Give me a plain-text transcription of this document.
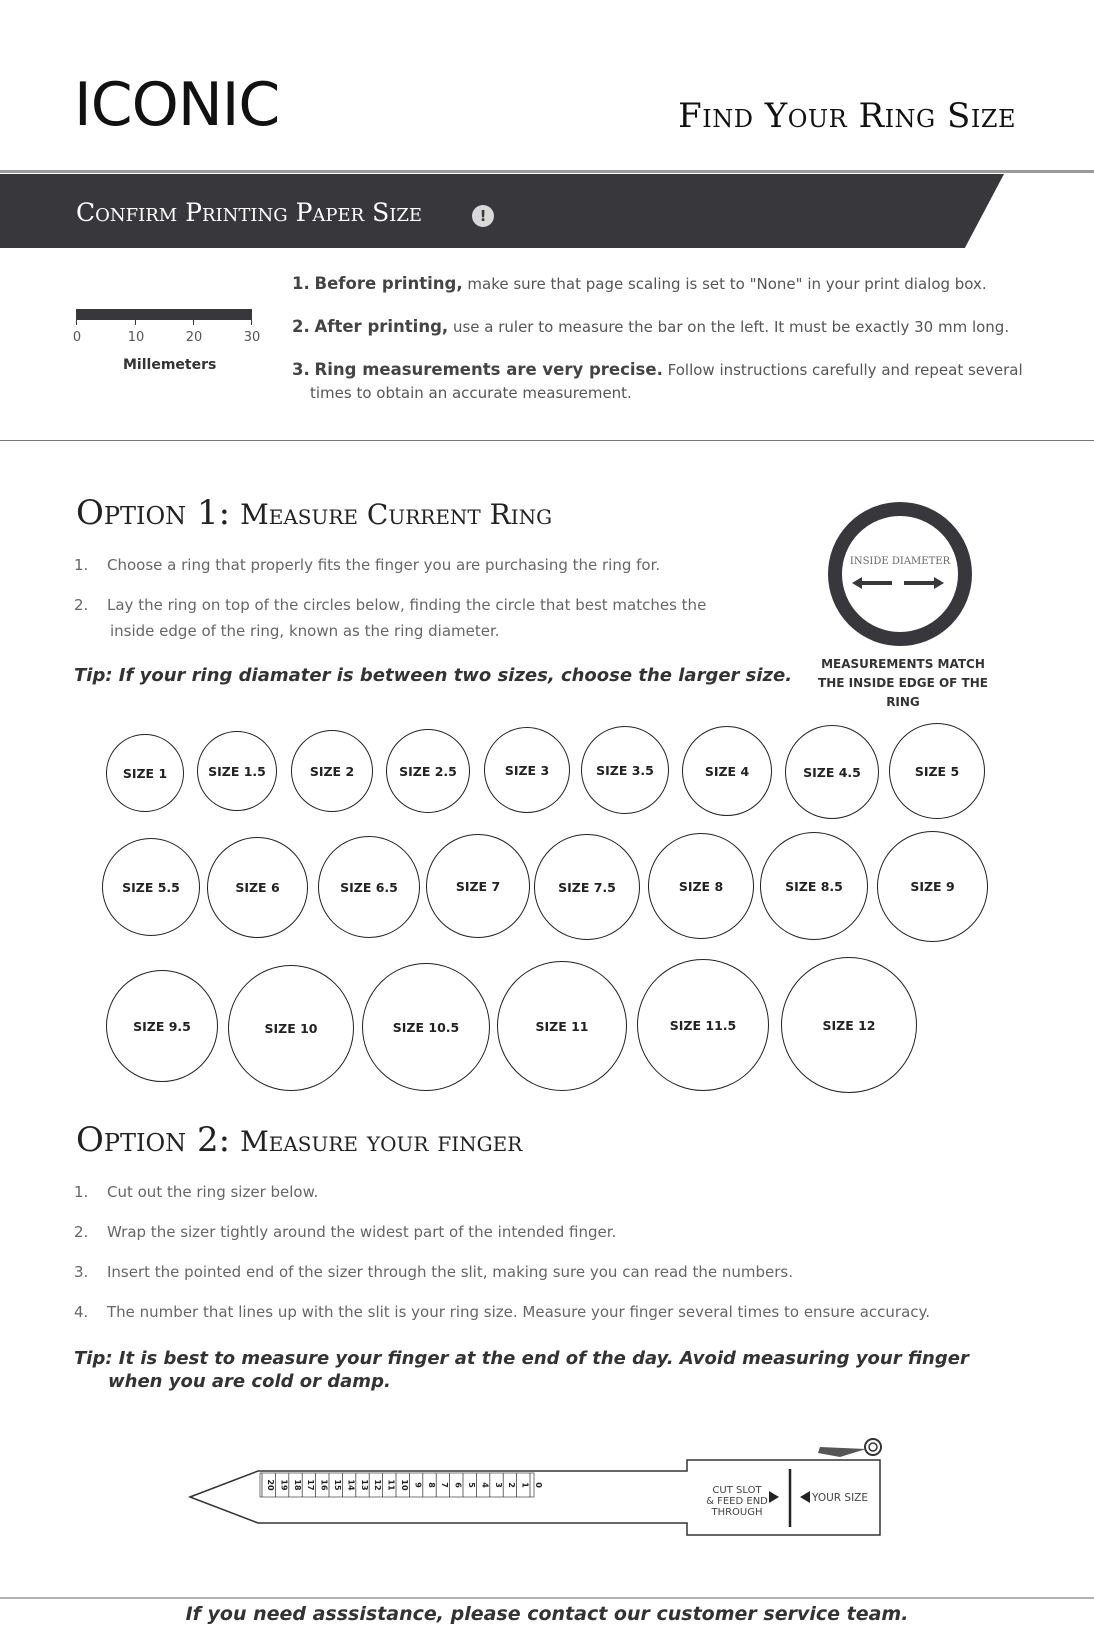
ICONIC	Find Your Ring Size
Confirm Printing Paper Size	!
0	10	20	30
Millemeters
1. Before printing, make sure that page scaling is set to "None" in your print dialog box.
2. After printing, use a ruler to measure the bar on the left. It must be exactly 30 mm long.
3. Ring measurements are very precise. Follow instructions carefully and repeat several
times to obtain an accurate measurement.
Option 1: Measure Current Ring
1. Choose a ring that properly fits the finger you are purchasing the ring for.
2. Lay the ring on top of the circles below, finding the circle that best matches the
inside edge of the ring, known as the ring diameter.
Tip: If your ring diamater is between two sizes, choose the larger size.
INSIDE DIAMETER
MEASUREMENTS MATCH
THE INSIDE EDGE OF THE RING
SIZE 1	SIZE 1.5	SIZE 2	SIZE 2.5	SIZE 3	SIZE 3.5	SIZE 4	SIZE 4.5	SIZE 5
SIZE 5.5	SIZE 6	SIZE 6.5	SIZE 7	SIZE 7.5	SIZE 8	SIZE 8.5	SIZE 9
SIZE 9.5	SIZE 10	SIZE 10.5	SIZE 11	SIZE 11.5	SIZE 12
Option 2: Measure your finger
1. Cut out the ring sizer below.
2. Wrap the sizer tightly around the widest part of the intended finger.
3. Insert the pointed end of the sizer through the slit, making sure you can read the numbers.
4. The number that lines up with the slit is your ring size. Measure your finger several times to ensure accuracy.
Tip: It is best to measure your finger at the end of the day. Avoid measuring your finger
when you are cold or damp.
20 19 18 17 16 15 14 13 12 11 10 9 8 7 6 5 4 3 2 1 0	CUT SLOT
& FEED END
THROUGH
YOUR SIZE
If you need asssistance, please contact our customer service team.
